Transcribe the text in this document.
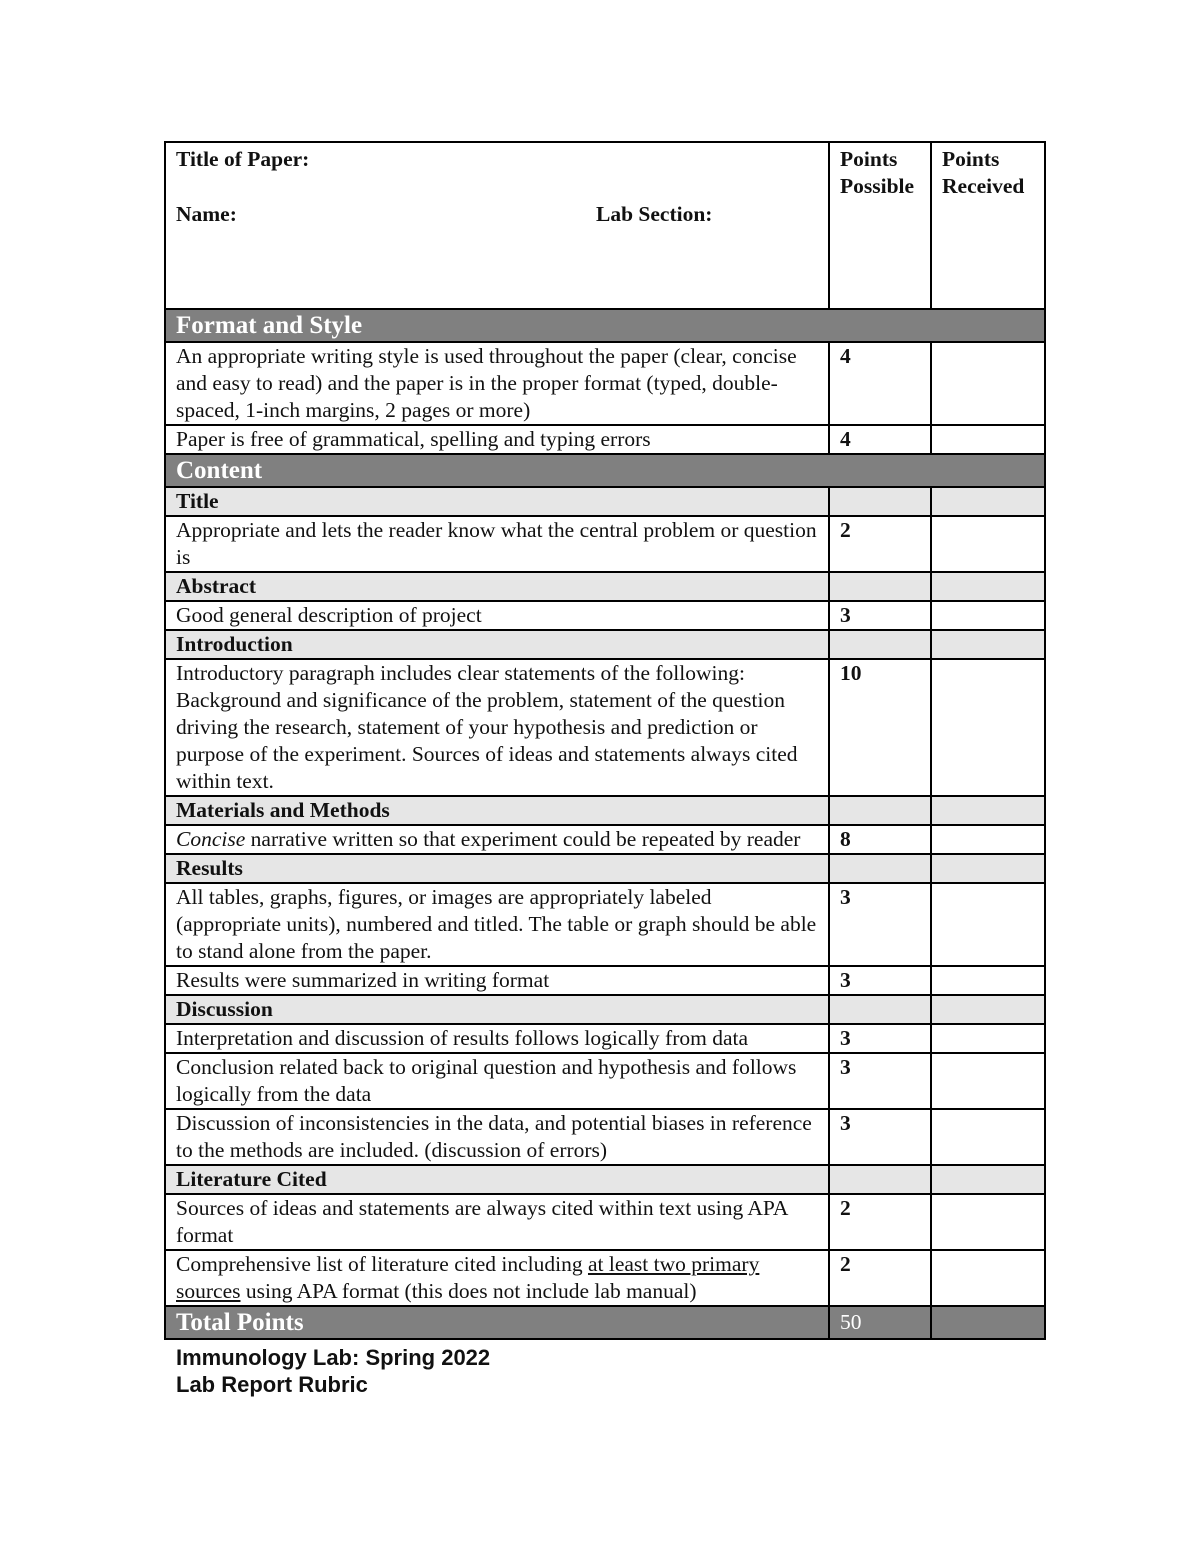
Title of Paper:
Name: Lab Section:	Points Possible	Points Received
Format and Style		
An appropriate writing style is used throughout the paper (clear, concise and easy to read) and the paper is in the proper format (typed, double-spaced, 1-inch margins, 2 pages or more)	4	
Paper is free of grammatical, spelling and typing errors	4	
Content		
Title		
Appropriate and lets the reader know what the central problem or question is	2	
Abstract		
Good general description of project	3	
Introduction		
Introductory paragraph includes clear statements of the following: Background and significance of the problem, statement of the question driving the research, statement of your hypothesis and prediction or purpose of the experiment. Sources of ideas and statements always cited within text.	10	
Materials and Methods		
Concise narrative written so that experiment could be repeated by reader	8	
Results		
All tables, graphs, figures, or images are appropriately labeled (appropriate units), numbered and titled. The table or graph should be able to stand alone from the paper.	3	
Results were summarized in writing format	3	
Discussion		
Interpretation and discussion of results follows logically from data	3	
Conclusion related back to original question and hypothesis and follows logically from the data	3	
Discussion of inconsistencies in the data, and potential biases in reference to the methods are included. (discussion of errors)	3	
Literature Cited		
Sources of ideas and statements are always cited within text using APA format	2	
Comprehensive list of literature cited including at least two primary sources using APA format (this does not include lab manual)	2	
Total Points	50	
Immunology Lab: Spring 2022
Lab Report Rubric
